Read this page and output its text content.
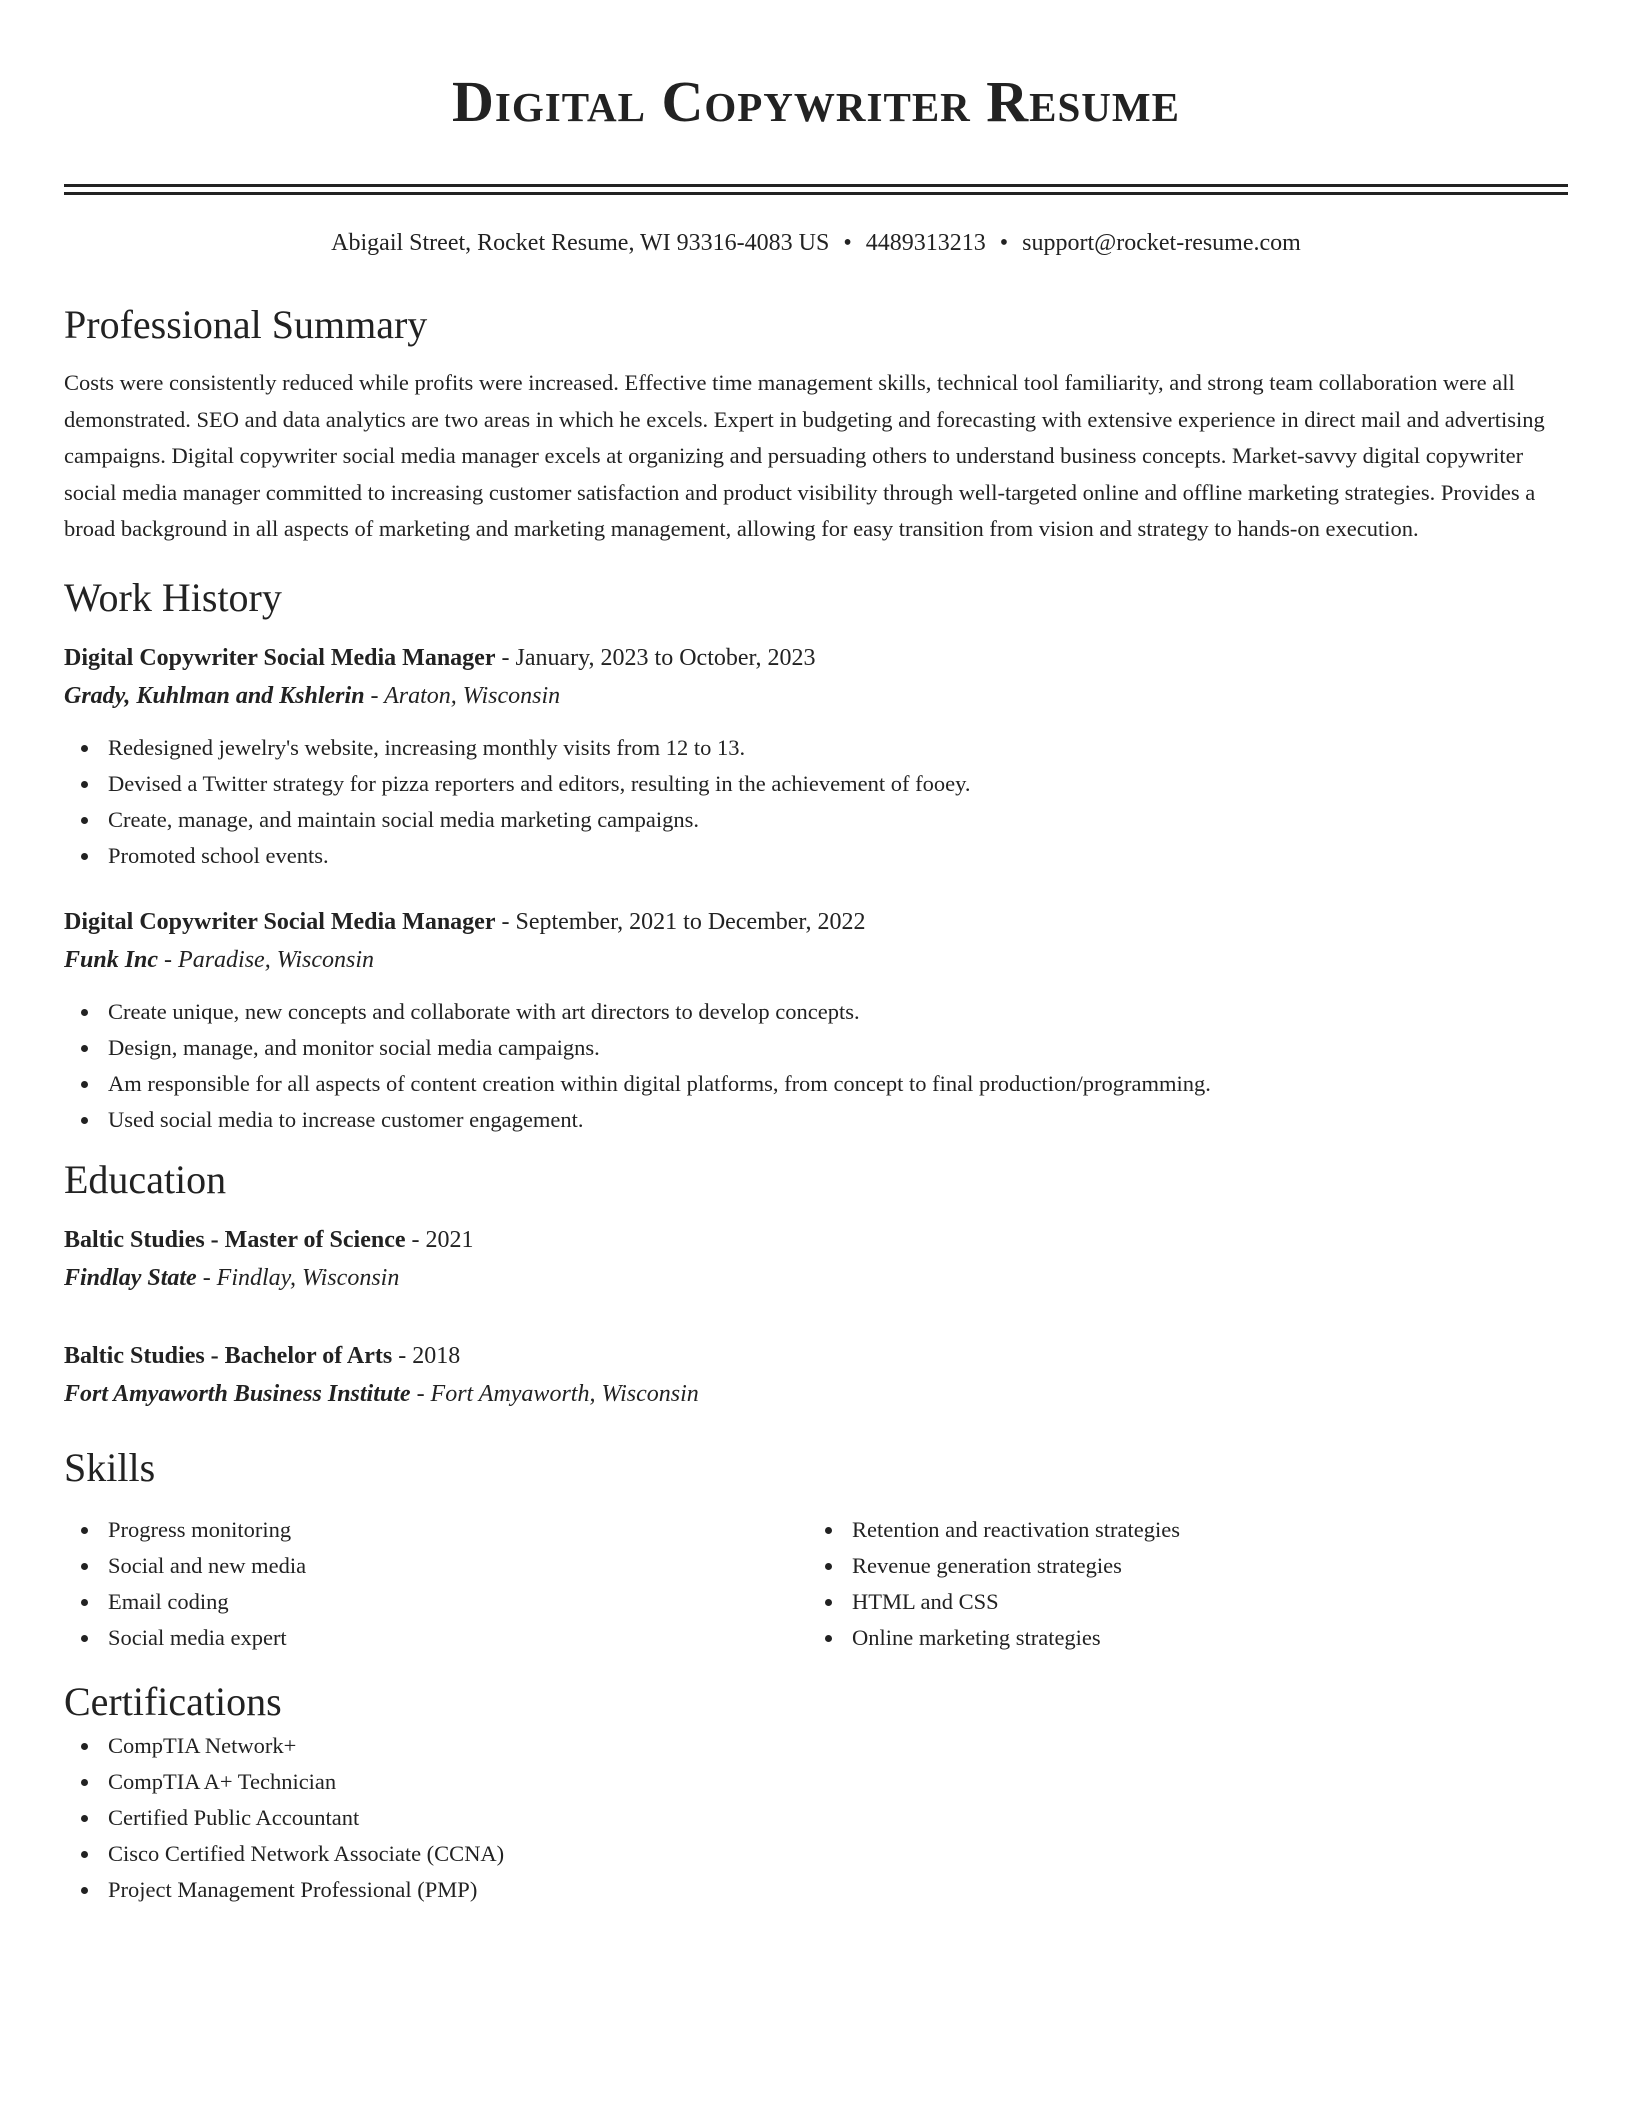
Digital Copywriter Resume
Abigail Street, Rocket Resume, WI 93316-4083 US • 4489313213 • support@rocket-resume.com
Professional Summary

Costs were consistently reduced while profits were increased. Effective time management skills, technical tool familiarity, and strong team collaboration were all demonstrated. SEO and data analytics are two areas in which he excels. Expert in budgeting and forecasting with extensive experience in direct mail and advertising campaigns. Digital copywriter social media manager excels at organizing and persuading others to understand business concepts. Market-savvy digital copywriter social media manager committed to increasing customer satisfaction and product visibility through well-targeted online and offline marketing strategies. Provides a broad background in all aspects of marketing and marketing management, allowing for easy transition from vision and strategy to hands-on execution.

Work History
Digital Copywriter Social Media Manager - January, 2023 to October, 2023
Grady, Kuhlman and Kshlerin - Araton, Wisconsin
Redesigned jewelry's website, increasing monthly visits from 12 to 13.
Devised a Twitter strategy for pizza reporters and editors, resulting in the achievement of fooey.
Create, manage, and maintain social media marketing campaigns.
Promoted school events.
Digital Copywriter Social Media Manager - September, 2021 to December, 2022
Funk Inc - Paradise, Wisconsin
Create unique, new concepts and collaborate with art directors to develop concepts.
Design, manage, and monitor social media campaigns.
Am responsible for all aspects of content creation within digital platforms, from concept to final production/programming.
Used social media to increase customer engagement.
Education
Baltic Studies - Master of Science - 2021
Findlay State - Findlay, Wisconsin
Baltic Studies - Bachelor of Arts - 2018
Fort Amyaworth Business Institute - Fort Amyaworth, Wisconsin
Skills
Progress monitoring
Social and new media
Email coding
Social media expert
Retention and reactivation strategies
Revenue generation strategies
HTML and CSS
Online marketing strategies
Certifications
CompTIA Network+
CompTIA A+ Technician
Certified Public Accountant
Cisco Certified Network Associate (CCNA)
Project Management Professional (PMP)
